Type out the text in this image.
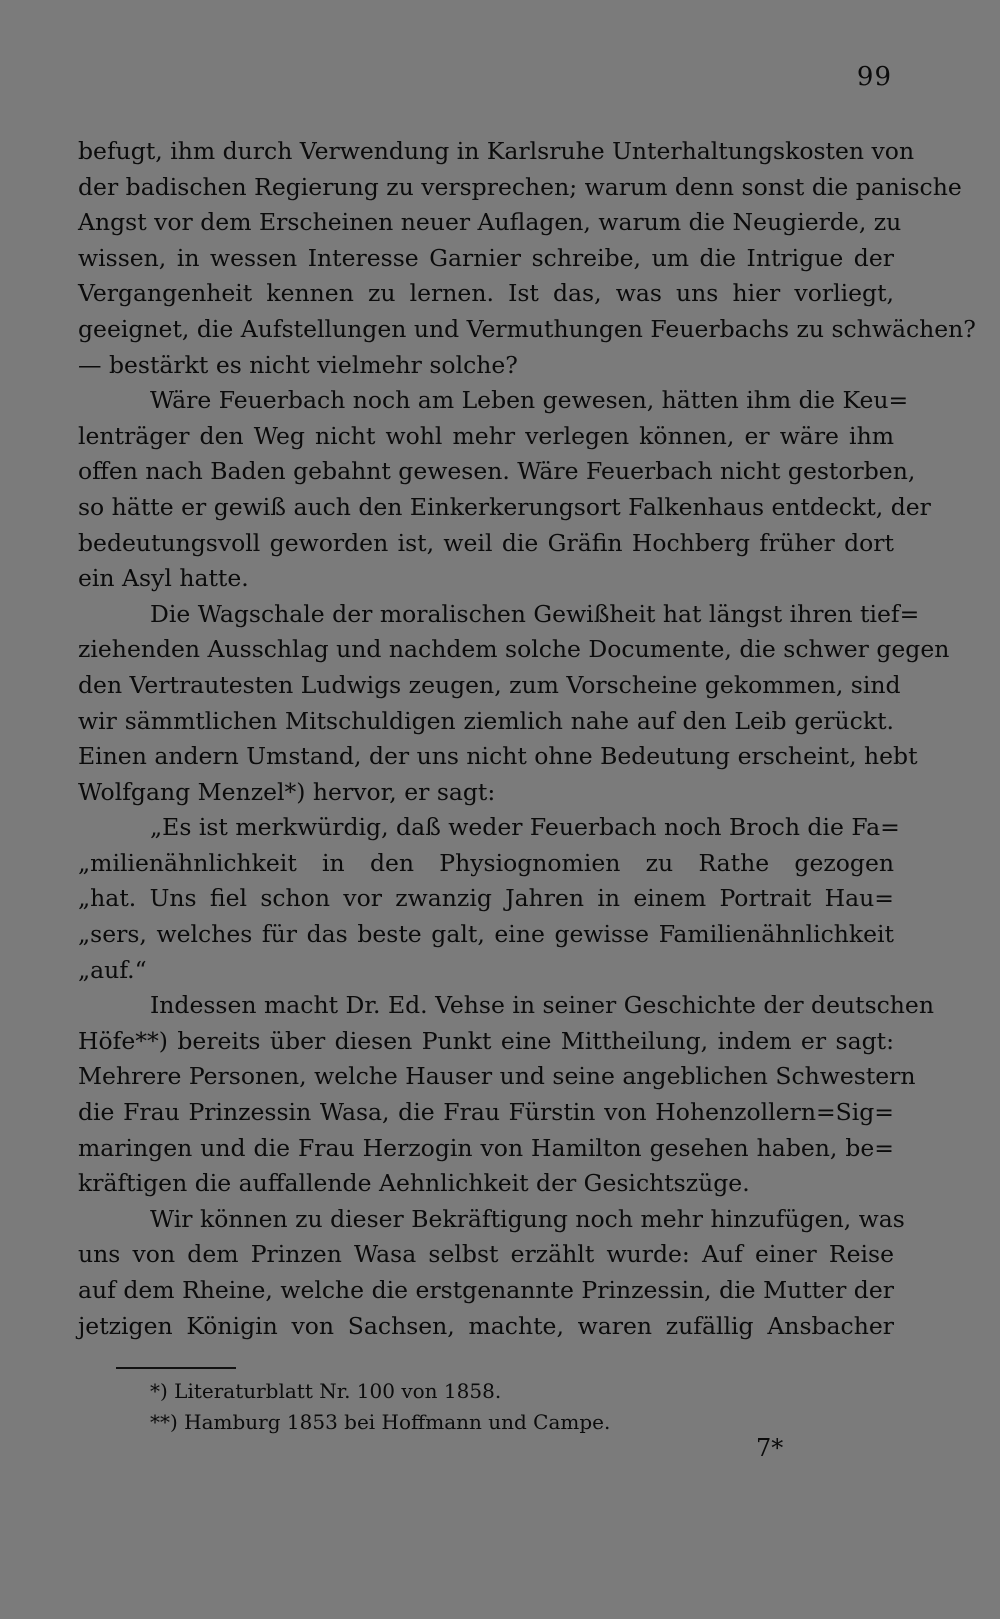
99
befugt, ihm durch Verwendung in Karlsruhe Unterhaltungskosten von
der badischen Regierung zu versprechen; warum denn sonst die panische
Angst vor dem Erscheinen neuer Auflagen, warum die Neugierde, zu
wissen, in wessen Interesse Garnier schreibe, um die Intrigue der
Vergangenheit kennen zu lernen. Ist das, was uns hier vorliegt,
geeignet, die Aufstellungen und Vermuthungen Feuerbachs zu schwächen?
— bestärkt es nicht vielmehr solche?
Wäre Feuerbach noch am Leben gewesen, hätten ihm die Keu=
lenträger den Weg nicht wohl mehr verlegen können, er wäre ihm
offen nach Baden gebahnt gewesen. Wäre Feuerbach nicht gestorben,
so hätte er gewiß auch den Einkerkerungsort Falkenhaus entdeckt, der
bedeutungsvoll geworden ist, weil die Gräfin Hochberg früher dort
ein Asyl hatte.
Die Wagschale der moralischen Gewißheit hat längst ihren tief=
ziehenden Ausschlag und nachdem solche Documente, die schwer gegen
den Vertrautesten Ludwigs zeugen, zum Vorscheine gekommen, sind
wir sämmtlichen Mitschuldigen ziemlich nahe auf den Leib gerückt.
Einen andern Umstand, der uns nicht ohne Bedeutung erscheint, hebt
Wolfgang Menzel*) hervor, er sagt:
„Es ist merkwürdig, daß weder Feuerbach noch Broch die Fa=
„milienähnlichkeit in den Physiognomien zu Rathe gezogen
„hat. Uns fiel schon vor zwanzig Jahren in einem Portrait Hau=
„sers, welches für das beste galt, eine gewisse Familienähnlichkeit
„auf.“
Indessen macht Dr. Ed. Vehse in seiner Geschichte der deutschen
Höfe**) bereits über diesen Punkt eine Mittheilung, indem er sagt:
Mehrere Personen, welche Hauser und seine angeblichen Schwestern
die Frau Prinzessin Wasa, die Frau Fürstin von Hohenzollern=Sig=
maringen und die Frau Herzogin von Hamilton gesehen haben, be=
kräftigen die auffallende Aehnlichkeit der Gesichtszüge.
Wir können zu dieser Bekräftigung noch mehr hinzufügen, was
uns von dem Prinzen Wasa selbst erzählt wurde: Auf einer Reise
auf dem Rheine, welche die erstgenannte Prinzessin, die Mutter der
jetzigen Königin von Sachsen, machte, waren zufällig Ansbacher
*) Literaturblatt Nr. 100 von 1858.
**) Hamburg 1853 bei Hoffmann und Campe.
7*
